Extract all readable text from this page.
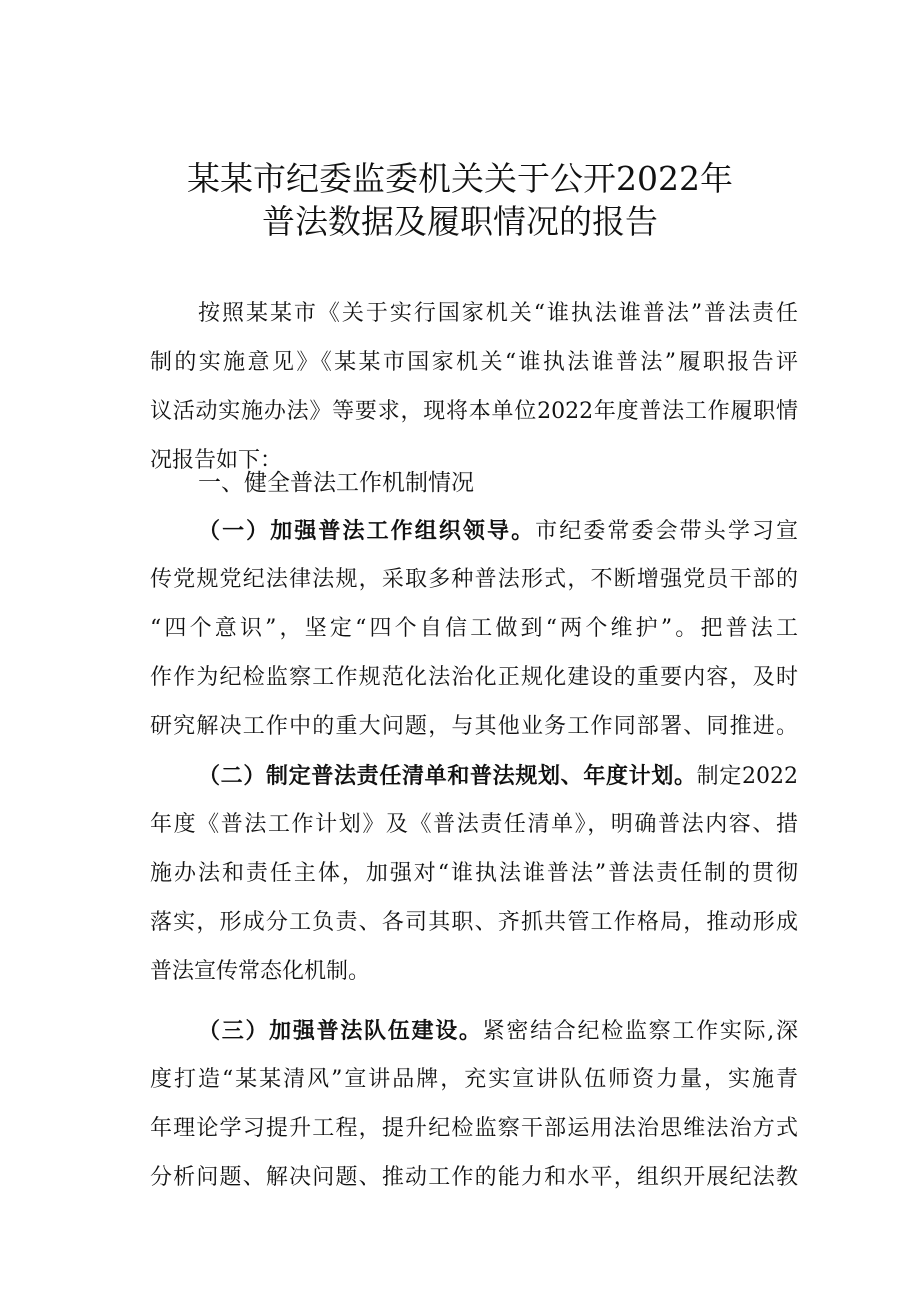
某某市纪委监委机关关于公开2022年
普法数据及履职情况的报告
按照某某市《关于实行国家机关“谁执法谁普法”普法责任
制的实施意见》《某某市国家机关“谁执法谁普法”履职报告评
议活动实施办法》等要求，现将本单位2022年度普法工作履职情
况报告如下：
一、健全普法工作机制情况
（一）加强普法工作组织领导。市纪委常委会带头学习宣
传党规党纪法律法规，采取多种普法形式，不断增强党员干部的
“四个意识”，坚定“四个自信工做到“两个维护”。把普法工
作作为纪检监察工作规范化法治化正规化建设的重要内容，及时
研究解决工作中的重大问题，与其他业务工作同部署、同推进。
（二）制定普法责任清单和普法规划、年度计划。制定2022
年度《普法工作计划》及《普法责任清单》，明确普法内容、措
施办法和责任主体，加强对“谁执法谁普法”普法责任制的贯彻
落实，形成分工负责、各司其职、齐抓共管工作格局，推动形成
普法宣传常态化机制。
（三）加强普法队伍建设。紧密结合纪检监察工作实际,深
度打造“某某清风”宣讲品牌，充实宣讲队伍师资力量，实施青
年理论学习提升工程，提升纪检监察干部运用法治思维法治方式
分析问题、解决问题、推动工作的能力和水平，组织开展纪法教
